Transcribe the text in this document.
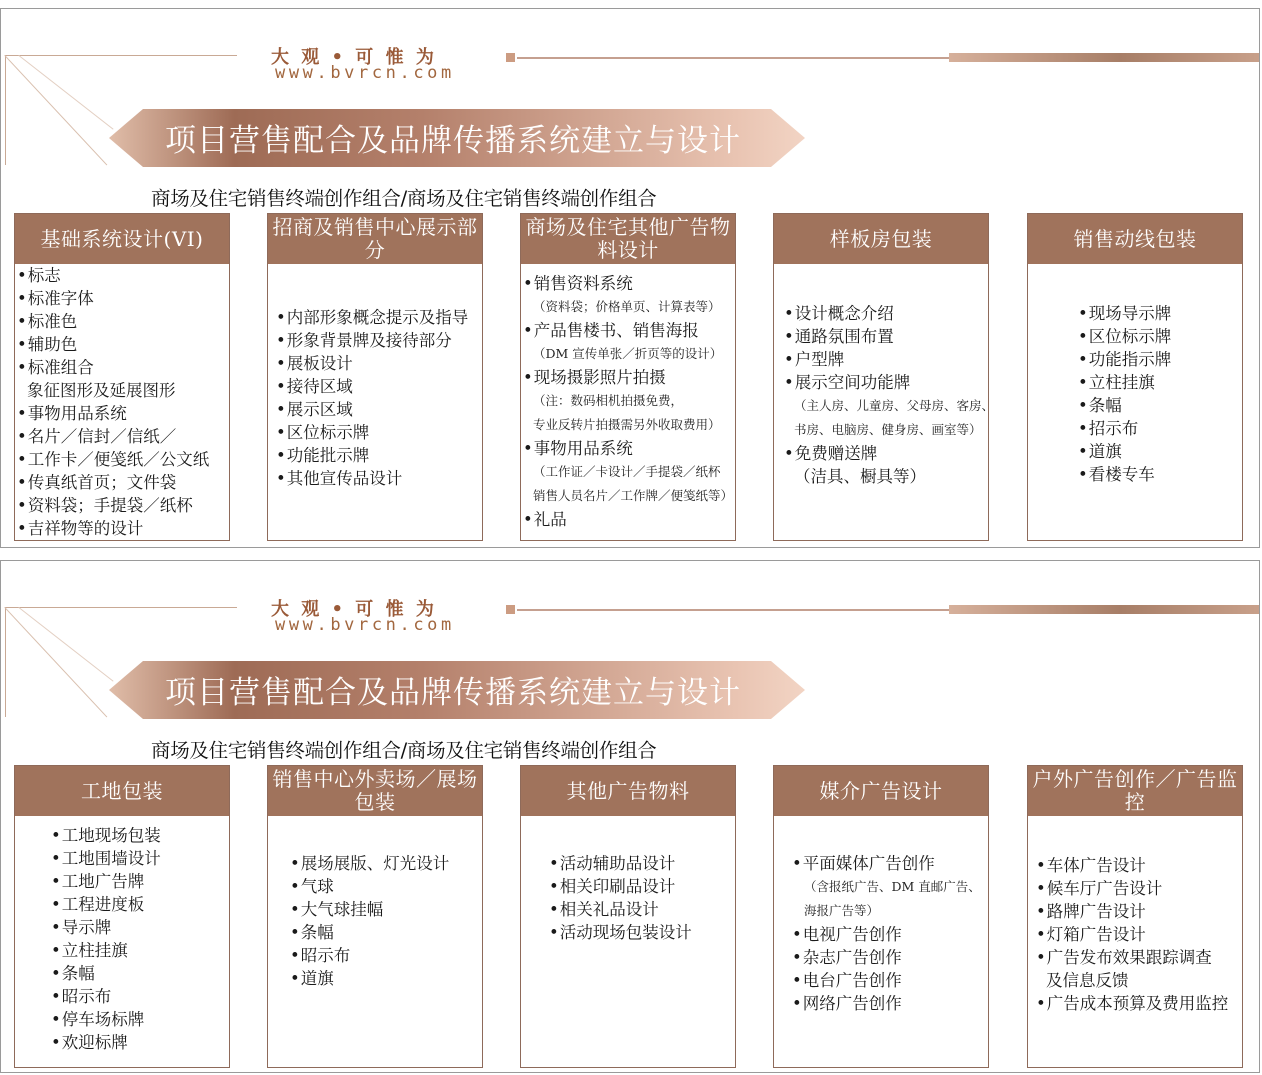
大 观 • 可 惟 为
www.bvrcn.com
项目营售配合及品牌传播系统建立与设计
商场及住宅销售终端创作组合/商场及住宅销售终端创作组合
基础系统设计(VI)
• 标志
• 标准字体
• 标准色
• 辅助色
• 标准组合
象征图形及延展图形
• 事物用品系统
• 名片／信封／信纸／
• 工作卡／便笺纸／公文纸
• 传真纸首页；文件袋
• 资料袋；手提袋／纸杯
• 吉祥物等的设计
招商及销售中心展示部分
• 内部形象概念提示及指导
• 形象背景牌及接待部分
• 展板设计
• 接待区域
• 展示区域
• 区位标示牌
• 功能批示牌
• 其他宣传品设计
商场及住宅其他广告物料设计
• 销售资料系统
（资料袋；价格单页、计算表等）
• 产品售楼书、销售海报
（DM 宣传单张／折页等的设计）
• 现场摄影照片拍摄
（注：数码相机拍摄免费，
专业反转片拍摄需另外收取费用）
• 事物用品系统
（工作证／卡设计／手提袋／纸杯
销售人员名片／工作牌／便笺纸等）
• 礼品
样板房包装
• 设计概念介绍
• 通路氛围布置
• 户型牌
• 展示空间功能牌
（主人房、儿童房、父母房、客房、
书房、电脑房、健身房、画室等）
• 免费赠送牌
（洁具、橱具等）
销售动线包装
• 现场导示牌
• 区位标示牌
• 功能指示牌
• 立柱挂旗
• 条幅
• 招示布
• 道旗
• 看楼专车
大 观 • 可 惟 为
www.bvrcn.com
项目营售配合及品牌传播系统建立与设计
商场及住宅销售终端创作组合/商场及住宅销售终端创作组合
工地包装
• 工地现场包装
• 工地围墙设计
• 工地广告牌
• 工程进度板
• 导示牌
• 立柱挂旗
• 条幅
• 昭示布
• 停车场标牌
• 欢迎标牌
销售中心外卖场／展场包装
• 展场展版、灯光设计
• 气球
• 大气球挂幅
• 条幅
• 昭示布
• 道旗
其他广告物料
• 活动辅助品设计
• 相关印刷品设计
• 相关礼品设计
• 活动现场包装设计
媒介广告设计
• 平面媒体广告创作
（含报纸广告、DM 直邮广告、
海报广告等）
• 电视广告创作
• 杂志广告创作
• 电台广告创作
• 网络广告创作
户外广告创作／广告监控
• 车体广告设计
• 候车厅广告设计
• 路牌广告设计
• 灯箱广告设计
• 广告发布效果跟踪调查
及信息反馈
• 广告成本预算及费用监控
